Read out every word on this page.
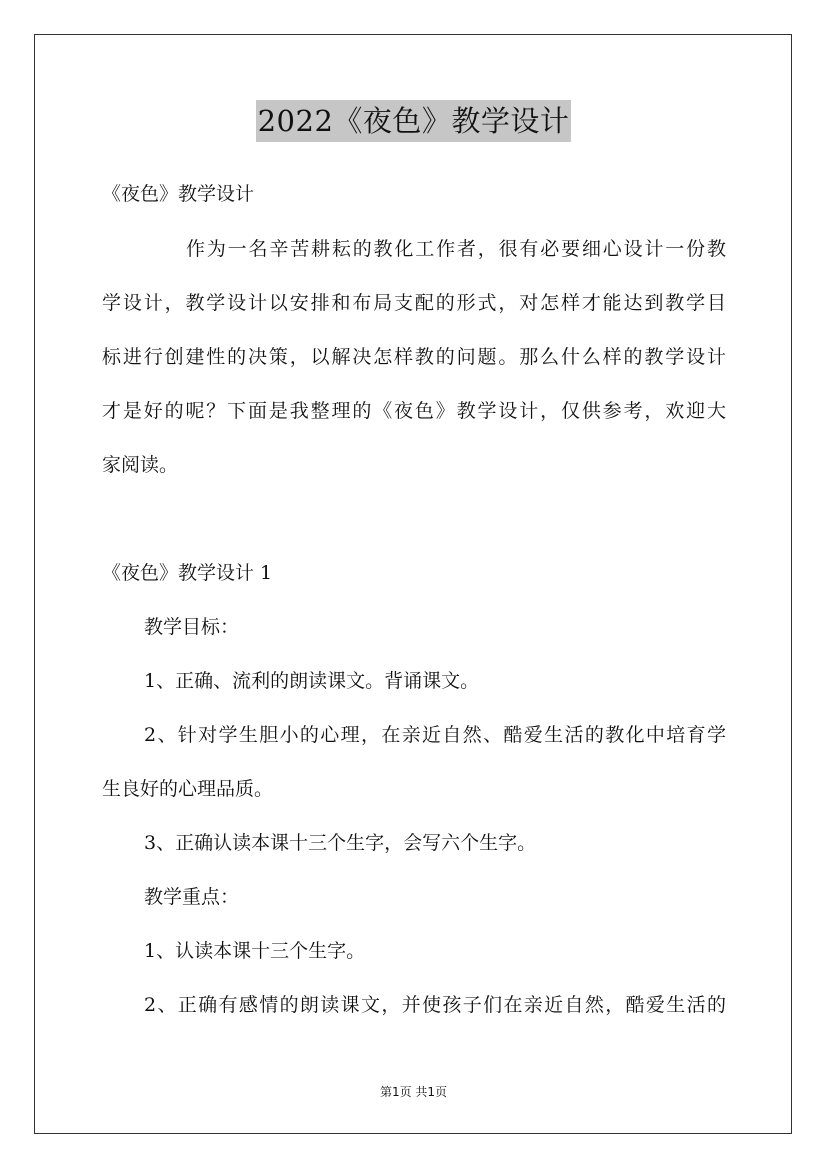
2022《夜色》教学设计

《夜色》教学设计

作为一名辛苦耕耘的教化工作者，很有必要细心设计一份教

学设计，教学设计以安排和布局支配的形式，对怎样才能达到教学目

标进行创建性的决策，以解决怎样教的问题。那么什么样的教学设计

才是好的呢？下面是我整理的《夜色》教学设计，仅供参考，欢迎大

家阅读。

《夜色》教学设计 1

教学目标：

1、正确、流利的朗读课文。背诵课文。

2、针对学生胆小的心理，在亲近自然、酷爱生活的教化中培育学

生良好的心理品质。

3、正确认读本课十三个生字，会写六个生字。

教学重点：

1、认读本课十三个生字。

2、正确有感情的朗读课文，并使孩子们在亲近自然，酷爱生活的

第1页 共1页
